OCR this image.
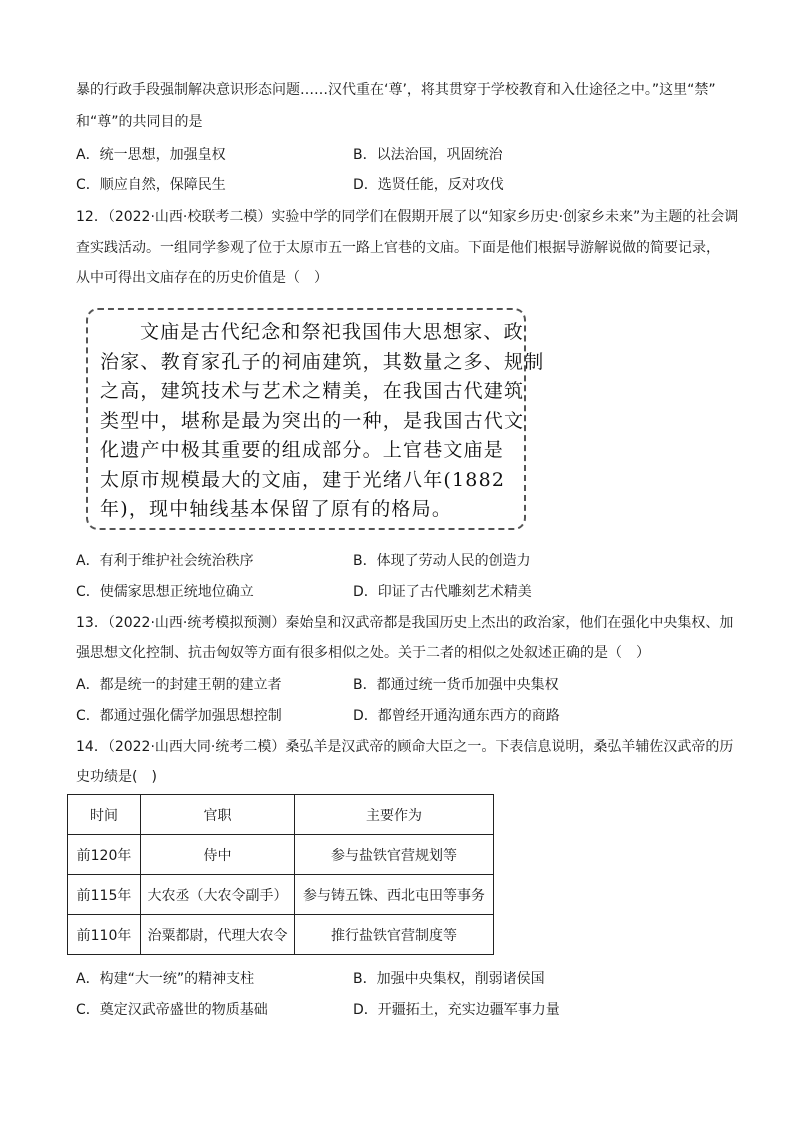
暴的行政手段强制解决意识形态问题……汉代重在‘尊’，将其贯穿于学校教育和入仕途径之中。”这里“禁”
和“尊”的共同目的是
A．统一思想，加强皇权	B．以法治国，巩固统治
C．顺应自然，保障民生	D．选贤任能，反对攻伐
12．（2022·山西·校联考二模）实验中学的同学们在假期开展了以“知家乡历史·创家乡未来”为主题的社会调
查实践活动。一组同学参观了位于太原市五一路上官巷的文庙。下面是他们根据导游解说做的简要记录，
从中可得出文庙存在的历史价值是（　）
文庙是古代纪念和祭祀我国伟大思想家、政
治家、教育家孔子的祠庙建筑，其数量之多、规制
之高，建筑技术与艺术之精美，在我国古代建筑
类型中，堪称是最为突出的一种，是我国古代文
化遗产中极其重要的组成部分。上官巷文庙是
太原市规模最大的文庙，建于光绪八年(1882
年)，现中轴线基本保留了原有的格局。
A．有利于维护社会统治秩序	B．体现了劳动人民的创造力
C．使儒家思想正统地位确立	D．印证了古代雕刻艺术精美
13．（2022·山西·统考模拟预测）秦始皇和汉武帝都是我国历史上杰出的政治家，他们在强化中央集权、加
强思想文化控制、抗击匈奴等方面有很多相似之处。关于二者的相似之处叙述正确的是（　）
A．都是统一的封建王朝的建立者	B．都通过统一货币加强中央集权
C．都通过强化儒学加强思想控制	D．都曾经开通沟通东西方的商路
14．（2022·山西大同·统考二模）桑弘羊是汉武帝的顾命大臣之一。下表信息说明，桑弘羊辅佐汉武帝的历
史功绩是(　)
时间	官职	主要作为
前120年	侍中	参与盐铁官营规划等
前115年	大农丞（大农令副手）	参与铸五铢、西北屯田等事务
前110年	治粟都尉，代理大农令	推行盐铁官营制度等
A．构建“大一统”的精神支柱	B．加强中央集权，削弱诸侯国
C．奠定汉武帝盛世的物质基础	D．开疆拓土，充实边疆军事力量
